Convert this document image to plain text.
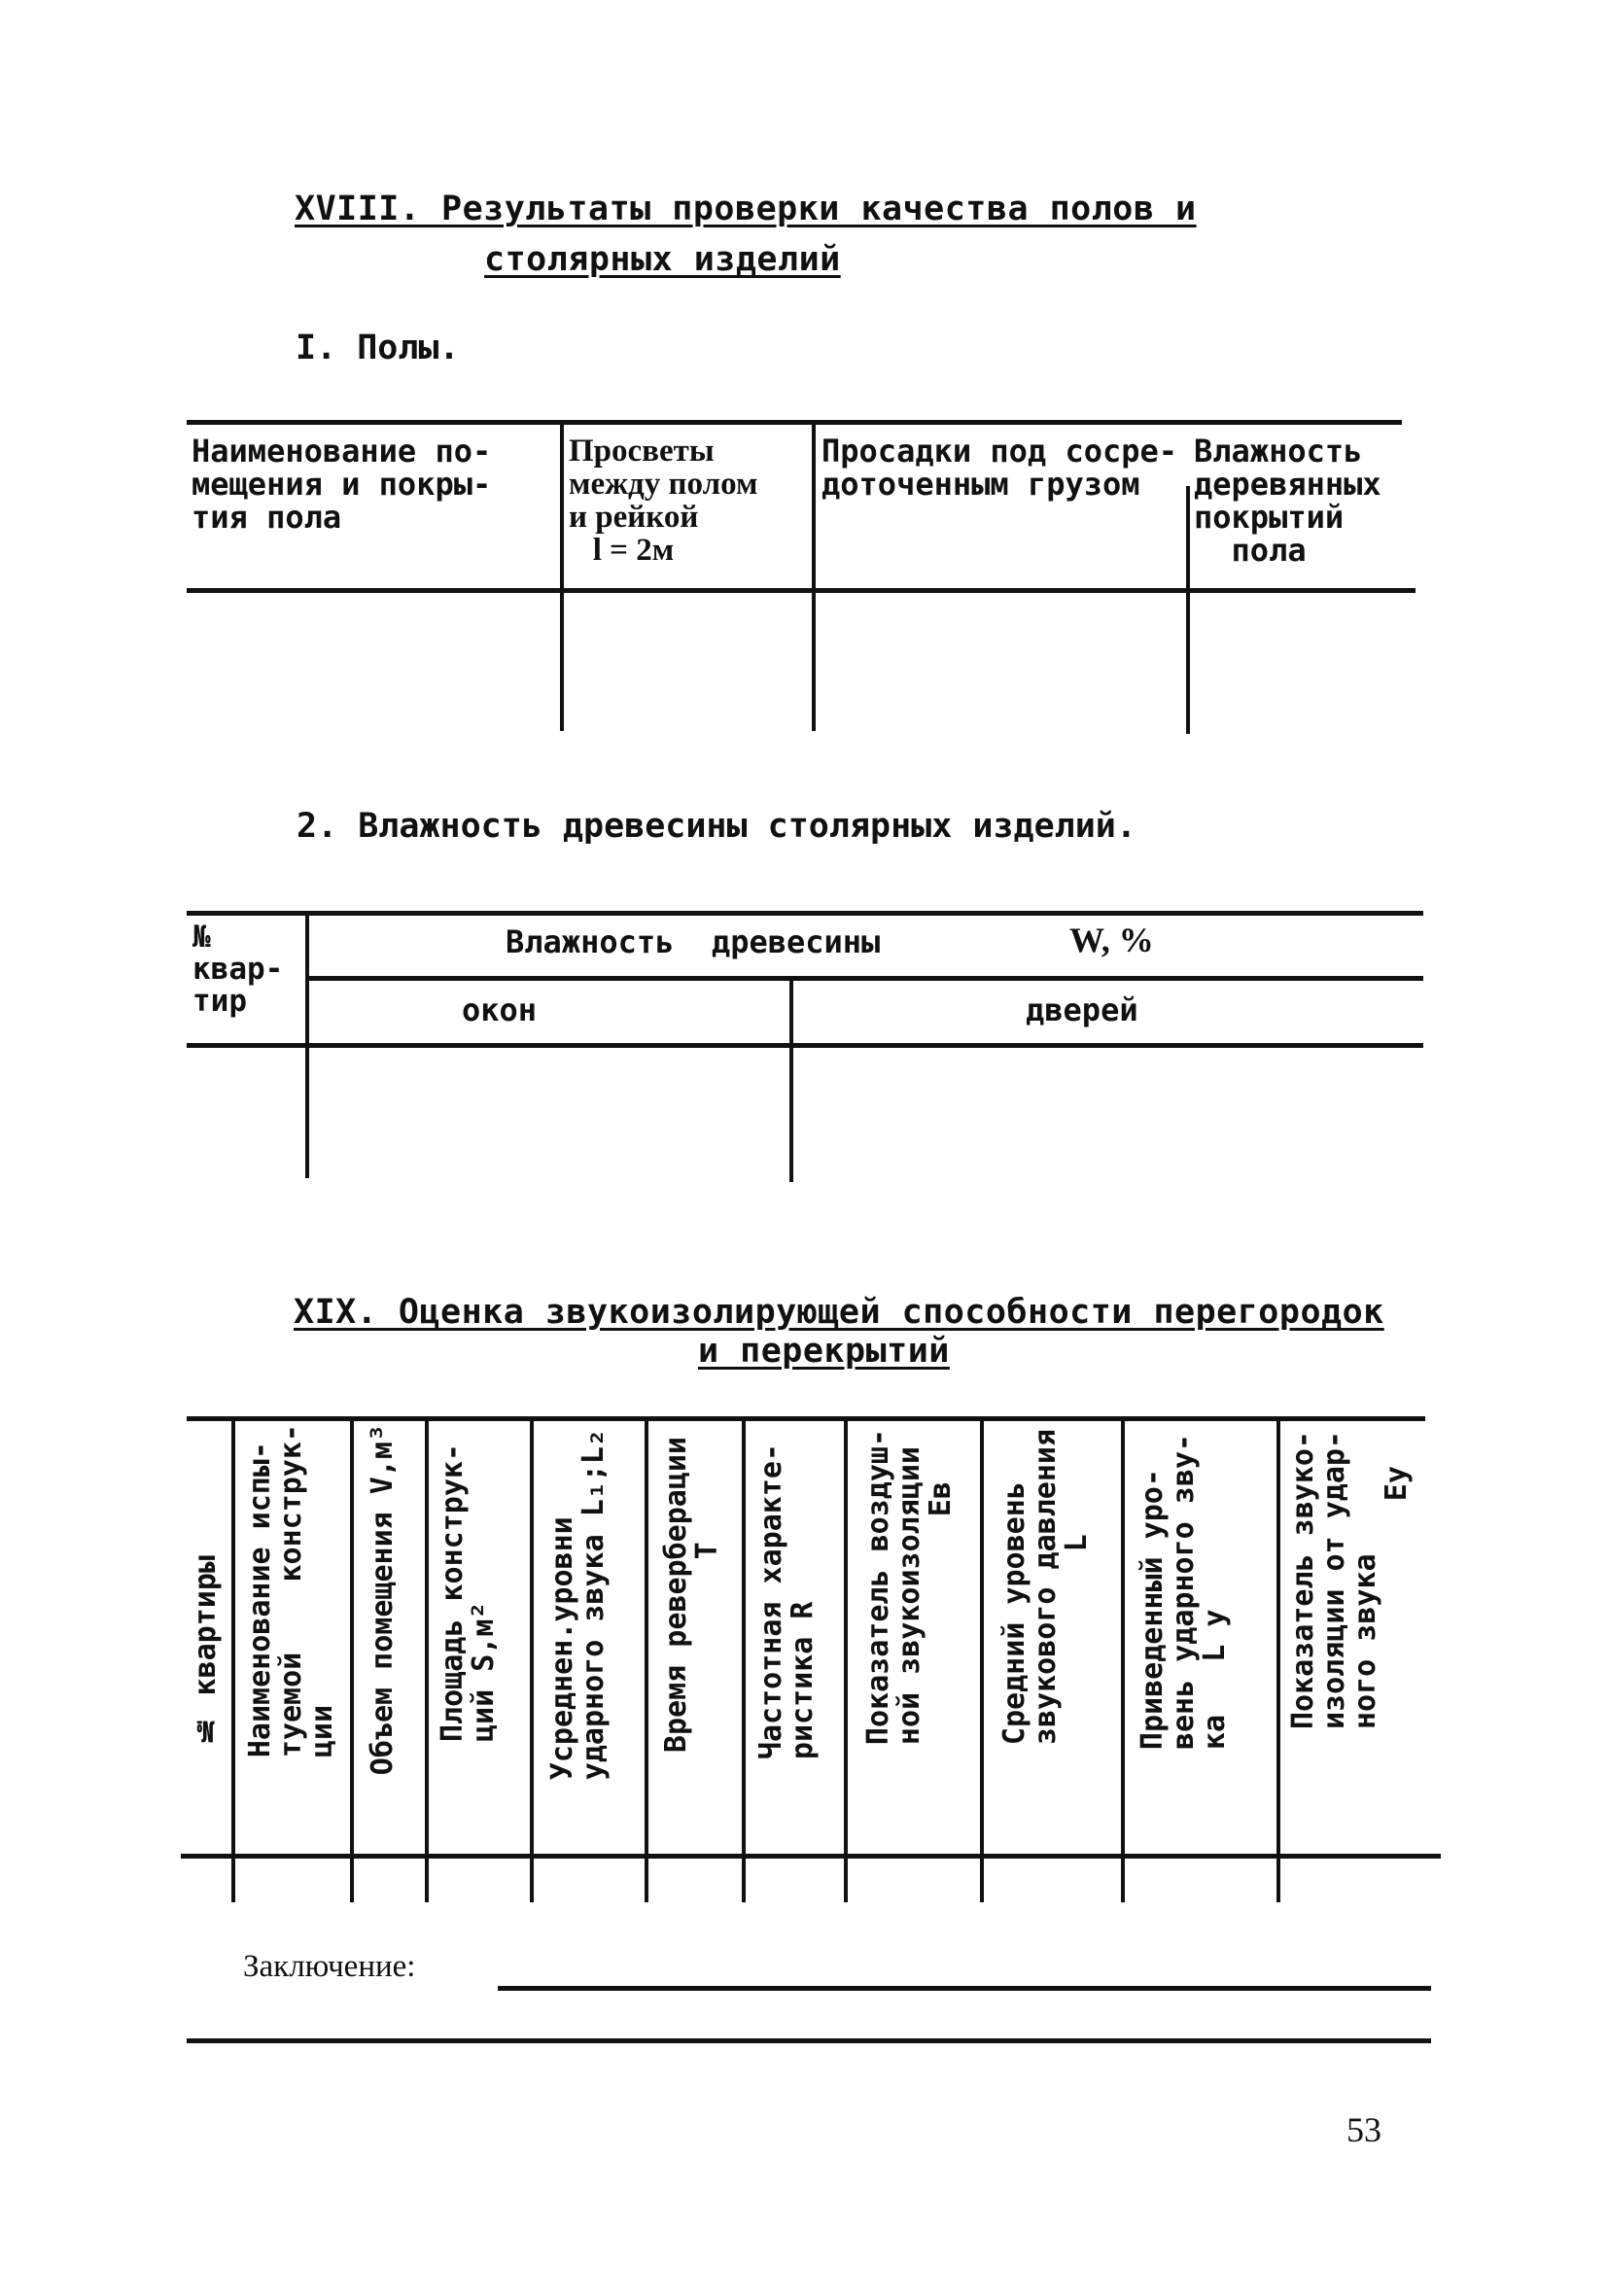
XVIII. Результаты проверки качества полов и
столярных изделий
I. Полы.
Наименование по-
мещения и покры-
тия пола
Просветы
между полом
и рейкой
l = 2м
Просадки под сосре-
доточенным грузом
Влажность
деревянных
покрытий
пола
2. Влажность древесины столярных изделий.
№
квар-
тир
Влажность  древесины	W, %
окон	дверей
XIX. Оценка звукоизолирующей способности перегородок
и перекрытий
№ квартиры Наименование испы-
туемой    конструк-
ции Объем помещения V,м³ Площадь конструк-
ций S,м² Усреднен.уровни
ударного звука L₁;L₂
Время реверберации
T
Частотная характе-
ристика R Показатель воздуш-
ной звукоизоляции
Eв
Средний уровень
звукового давления
L
Приведенный уро-
вень ударного зву-
ка   L у Показатель звуко-
изоляции от удар-
ного звука
Eу
Заключение:
53
